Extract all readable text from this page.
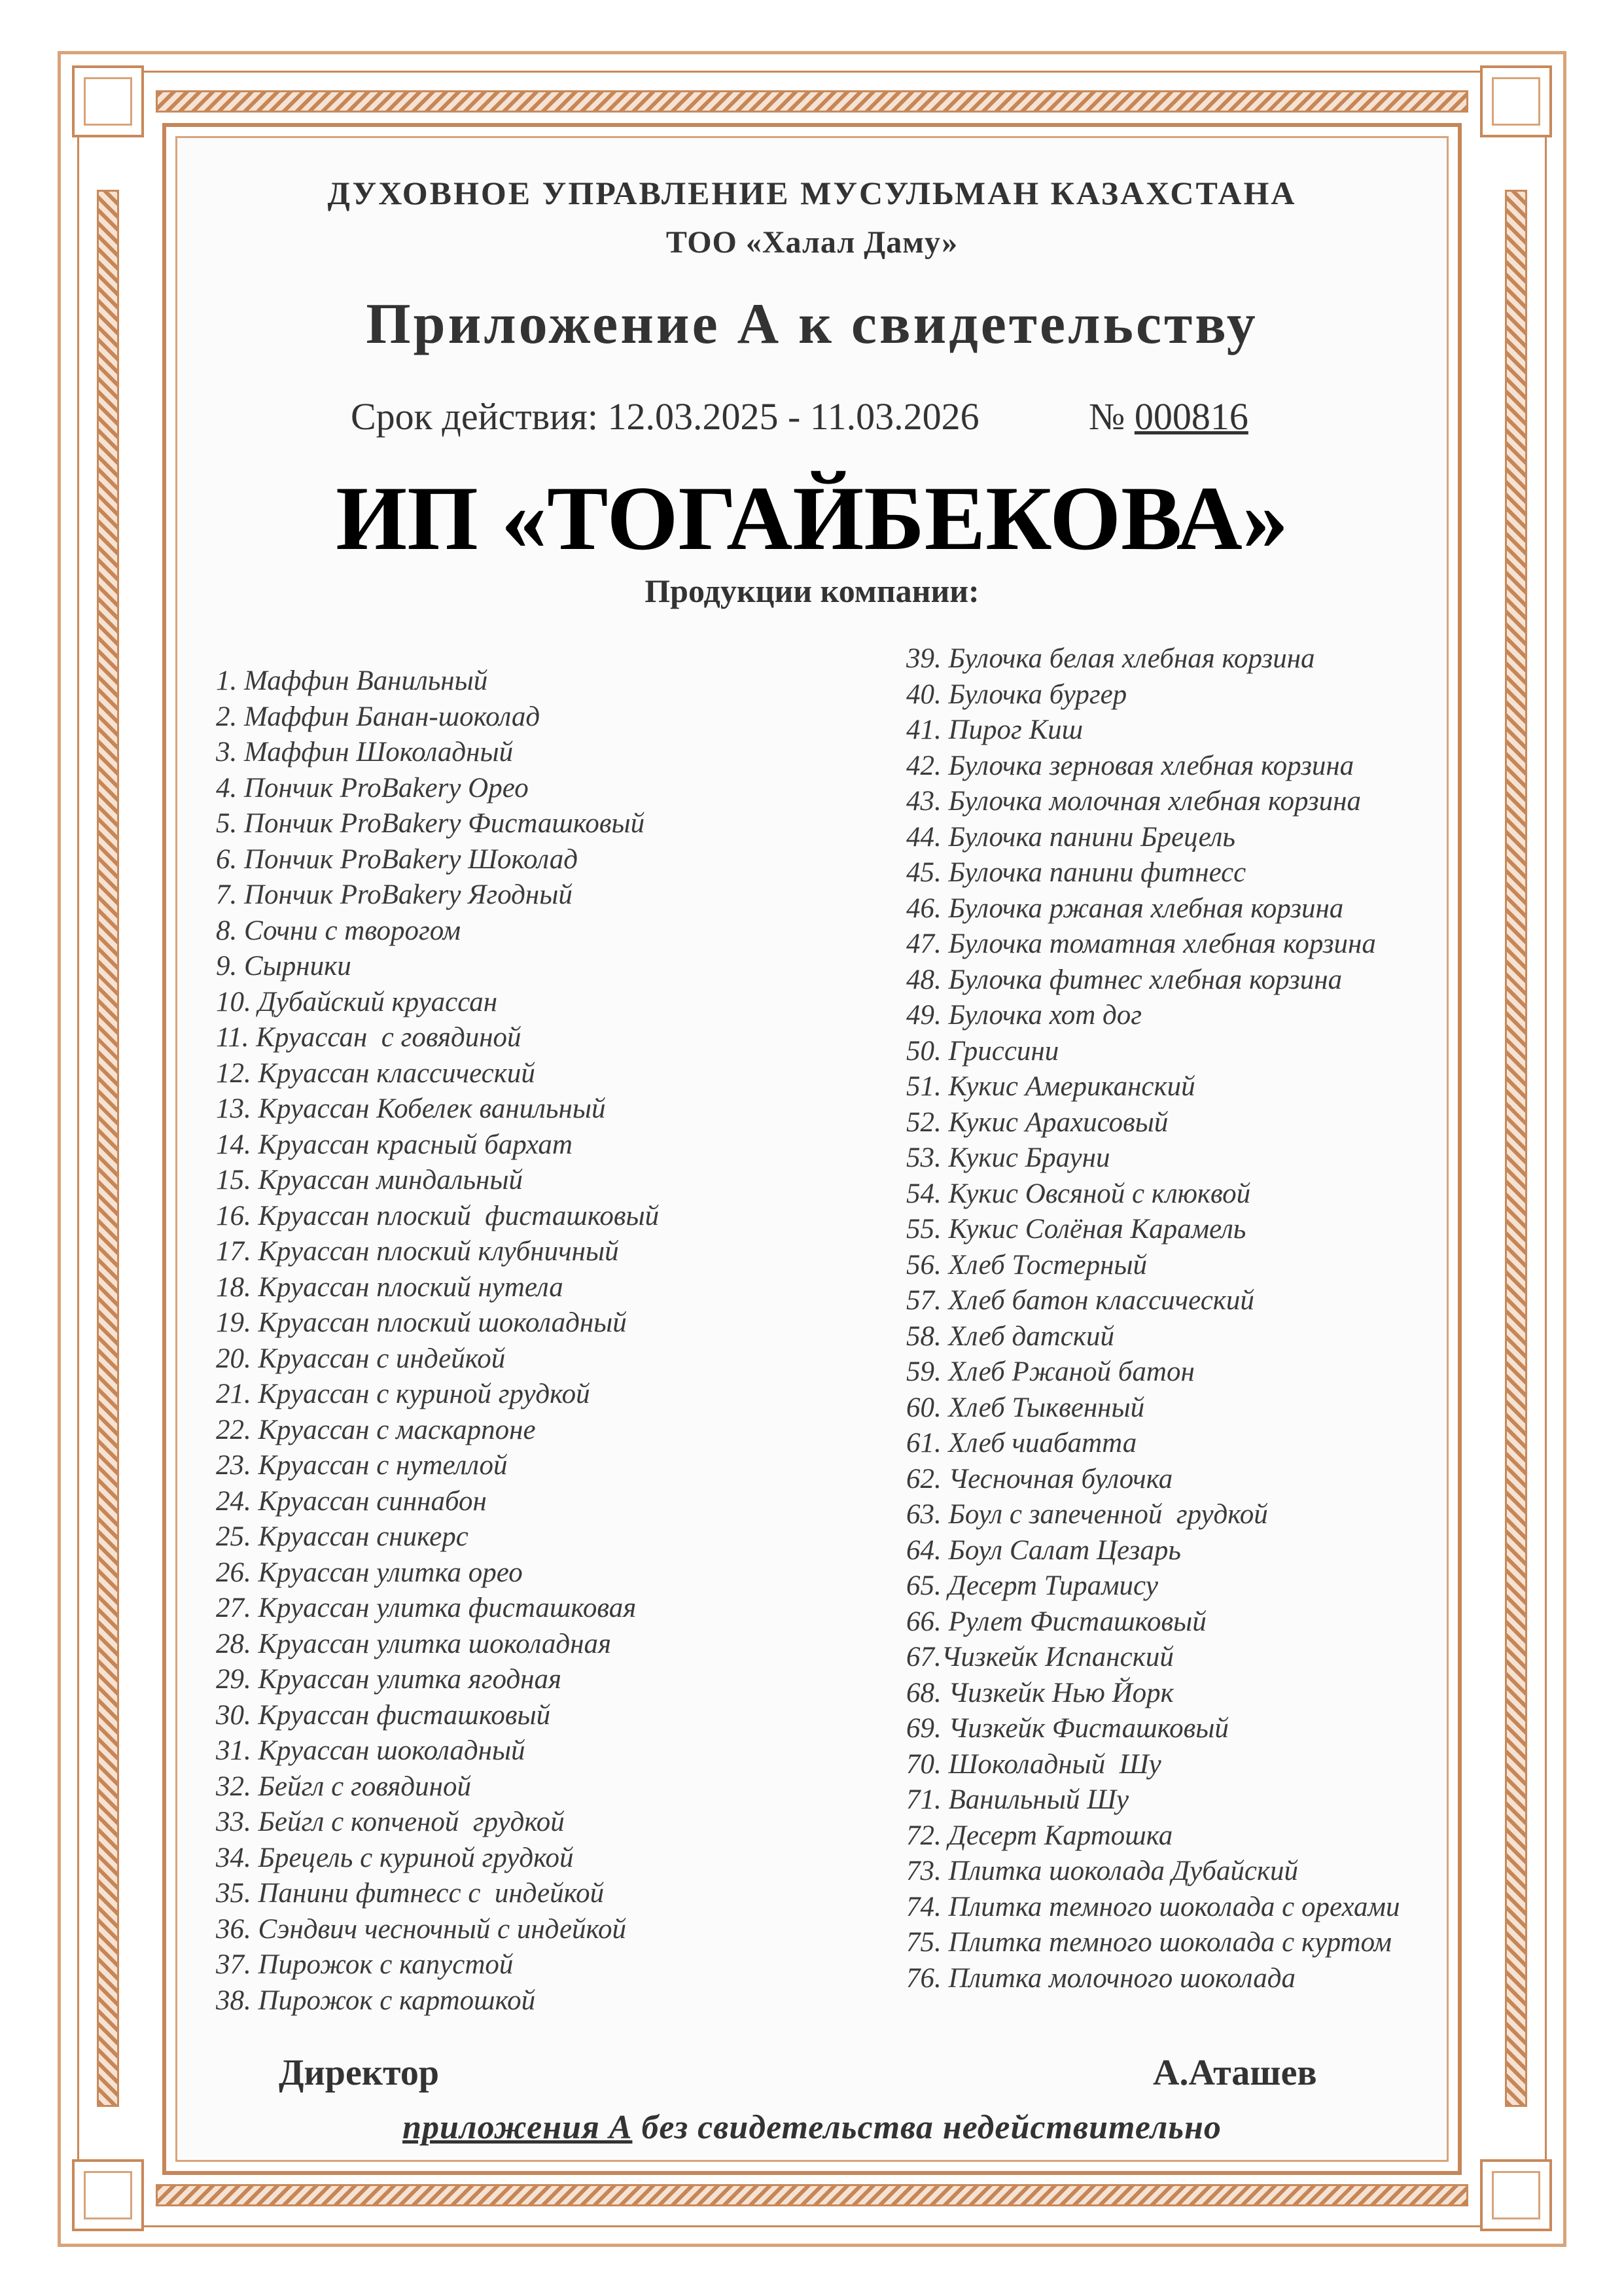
ДУХОВНОЕ УПРАВЛЕНИЕ МУСУЛЬМАН КАЗАХСТАНА
ТОО «Халал Даму»
Приложение А к свидетельству
Срок действия: 12.03.2025 - 11.03.2026	№ 000816
ИП «ТОГАЙБЕКОВА»
Продукции компании:
1. Маффин Ванильный
2. Маффин Банан-шоколад
3. Маффин Шоколадный
4. Пончик ProBakery Орео
5. Пончик ProBakery Фисташковый
6. Пончик ProBakery Шоколад
7. Пончик ProBakery Ягодный
8. Сочни с творогом
9. Сырники
10. Дубайский круассан
11. Круассан  с говядиной
12. Круассан классический
13. Круассан Кобелек ванильный
14. Круассан красный бархат
15. Круассан миндальный
16. Круассан плоский  фисташковый
17. Круассан плоский клубничный
18. Круассан плоский нутела
19. Круассан плоский шоколадный
20. Круассан с индейкой
21. Круассан с куриной грудкой
22. Круассан с маскарпоне
23. Круассан с нутеллой
24. Круассан синнабон
25. Круассан сникерс
26. Круассан улитка орео
27. Круассан улитка фисташковая
28. Круассан улитка шоколадная
29. Круассан улитка ягодная
30. Круассан фисташковый
31. Круассан шоколадный
32. Бейгл с говядиной
33. Бейгл с копченой  грудкой
34. Брецель с куриной грудкой
35. Панини фитнесс с  индейкой
36. Сэндвич чесночный с индейкой
37. Пирожок с капустой
38. Пирожок с картошкой
39. Булочка белая хлебная корзина
40. Булочка бургер
41. Пирог Киш
42. Булочка зерновая хлебная корзина
43. Булочка молочная хлебная корзина
44. Булочка панини Брецель
45. Булочка панини фитнесс
46. Булочка ржаная хлебная корзина
47. Булочка томатная хлебная корзина
48. Булочка фитнес хлебная корзина
49. Булочка хот дог
50. Гриссини
51. Кукис Американский
52. Кукис Арахисовый
53. Кукис Брауни
54. Кукис Овсяной с клюквой
55. Кукис Солёная Карамель
56. Хлеб Тостерный
57. Хлеб батон классический
58. Хлеб датский
59. Хлеб Ржаной батон
60. Хлеб Тыквенный
61. Хлеб чиабатта
62. Чесночная булочка
63. Боул с запеченной  грудкой
64. Боул Салат Цезарь
65. Десерт Тирамису
66. Рулет Фисташковый
67.Чизкейк Испанский
68. Чизкейк Нью Йорк
69. Чизкейк Фисташковый
70. Шоколадный  Шу
71. Ванильный Шу
72. Десерт Картошка
73. Плитка шоколада Дубайский
74. Плитка темного шоколада с орехами
75. Плитка темного шоколада с куртом
76. Плитка молочного шоколада
Директор	А.Аташев
приложения А без свидетельства недействительно
